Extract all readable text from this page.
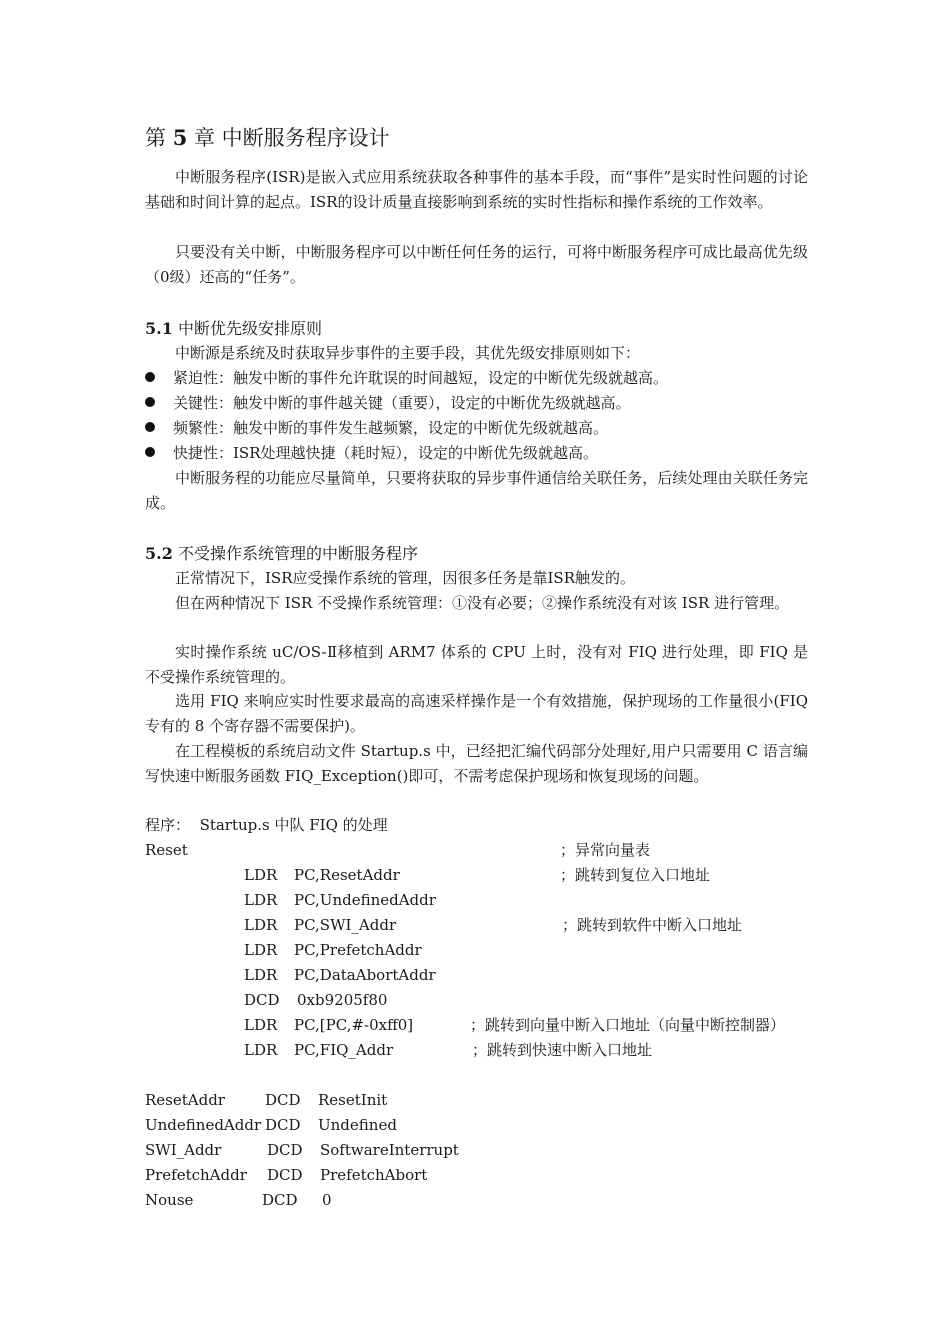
第 5 章 中断服务程序设计
中断服务程序(ISR)是嵌入式应用系统获取各种事件的基本手段，而“事件”是实时性问题的讨论基础和时间计算的起点。ISR的设计质量直接影响到系统的实时性指标和操作系统的工作效率。
只要没有关中断，中断服务程序可以中断任何任务的运行，可将中断服务程序可成比最高优先级（0级）还高的“任务”。
5.1 中断优先级安排原则
中断源是系统及时获取异步事件的主要手段，其优先级安排原则如下：
紧迫性：触发中断的事件允许耽误的时间越短，设定的中断优先级就越高。
关键性：触发中断的事件越关键（重要），设定的中断优先级就越高。
频繁性：触发中断的事件发生越频繁，设定的中断优先级就越高。
快捷性：ISR处理越快捷（耗时短），设定的中断优先级就越高。
中断服务程的功能应尽量简单，只要将获取的异步事件通信给关联任务，后续处理由关联任务完成。
5.2 不受操作系统管理的中断服务程序
正常情况下，ISR应受操作系统的管理，因很多任务是靠ISR触发的。
但在两种情况下 ISR 不受操作系统管理：①没有必要；②操作系统没有对该 ISR 进行管理。
实时操作系统 uC/OS-Ⅱ移植到 ARM7 体系的 CPU 上时，没有对 FIQ 进行处理，即 FIQ 是不受操作系统管理的。
选用 FIQ 来响应实时性要求最高的高速采样操作是一个有效措施，保护现场的工作量很小(FIQ 专有的 8 个寄存器不需要保护)。
在工程模板的系统启动文件 Startup.s 中，已经把汇编代码部分处理好,用户只需要用 C 语言编写快速中断服务函数 FIQ_Exception()即可，不需考虑保护现场和恢复现场的问题。
程序： Startup.s 中队 FIQ 的处理
Reset	；异常向量表
LDR PC,ResetAddr	；跳转到复位入口地址
LDR PC,UndefinedAddr
LDR PC,SWI_Addr	；跳转到软件中断入口地址
LDR PC,PrefetchAddr
LDR PC,DataAbortAddr
DCD 0xb9205f80
LDR PC,[PC,#-0xff0]	；跳转到向量中断入口地址（向量中断控制器）
LDR PC,FIQ_Addr	；跳转到快速中断入口地址
ResetAddr	DCD ResetInit
UndefinedAddr DCD Undefined
SWI_Addr	DCD SoftwareInterrupt
PrefetchAddr DCD PrefetchAbort
Nouse	DCD 0
